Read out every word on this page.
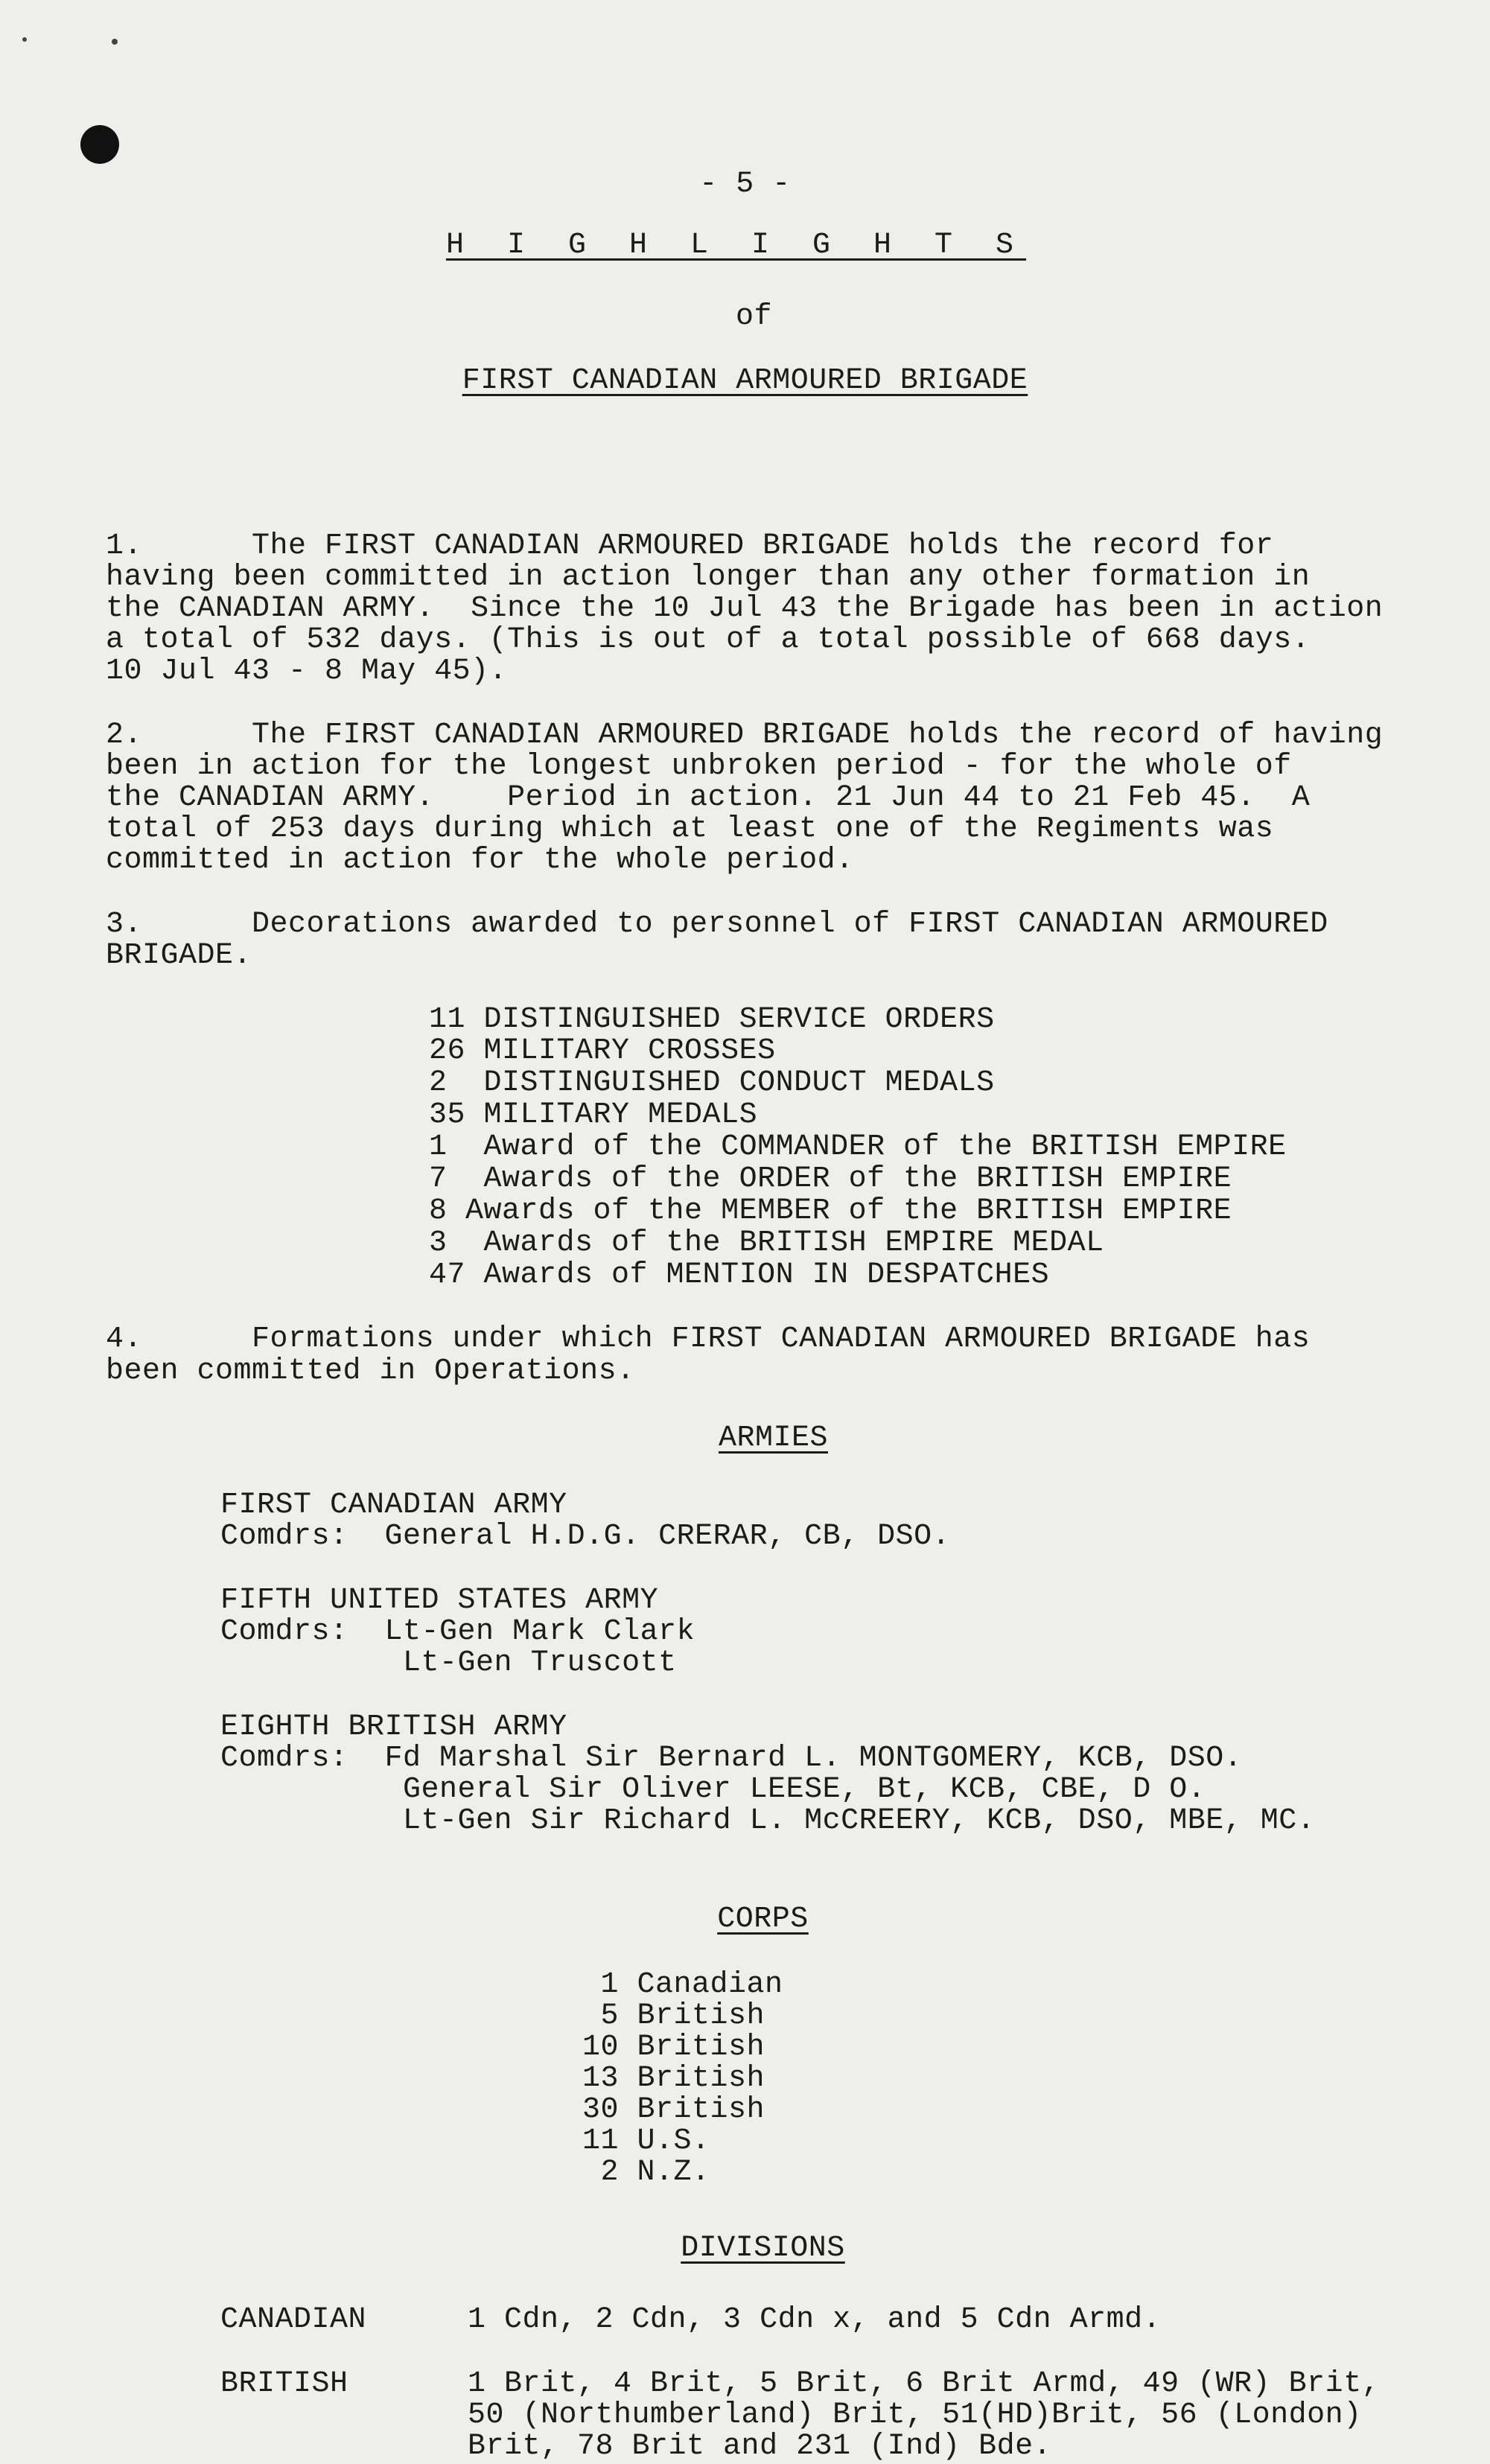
- 5 -
H I G H L I G H T S
of
FIRST CANADIAN ARMOURED BRIGADE
1.      The FIRST CANADIAN ARMOURED BRIGADE holds the record for
having been committed in action longer than any other formation in
the CANADIAN ARMY.  Since the 10 Jul 43 the Brigade has been in action
a total of 532 days. (This is out of a total possible of 668 days.
10 Jul 43 - 8 May 45).
2.      The FIRST CANADIAN ARMOURED BRIGADE holds the record of having
been in action for the longest unbroken period - for the whole of
the CANADIAN ARMY.    Period in action. 21 Jun 44 to 21 Feb 45.  A
total of 253 days during which at least one of the Regiments was
committed in action for the whole period.
3.      Decorations awarded to personnel of FIRST CANADIAN ARMOURED
BRIGADE.
11 DISTINGUISHED SERVICE ORDERS
26 MILITARY CROSSES
2  DISTINGUISHED CONDUCT MEDALS
35 MILITARY MEDALS
1  Award of the COMMANDER of the BRITISH EMPIRE
7  Awards of the ORDER of the BRITISH EMPIRE
8 Awards of the MEMBER of the BRITISH EMPIRE
3  Awards of the BRITISH EMPIRE MEDAL
47 Awards of MENTION IN DESPATCHES
4.      Formations under which FIRST CANADIAN ARMOURED BRIGADE has
been committed in Operations.
ARMIES
FIRST CANADIAN ARMY
Comdrs:  General H.D.G. CRERAR, CB, DSO.
FIFTH UNITED STATES ARMY
Comdrs:  Lt-Gen Mark Clark
Lt-Gen Truscott
EIGHTH BRITISH ARMY
Comdrs:  Fd Marshal Sir Bernard L. MONTGOMERY, KCB, DSO.
General Sir Oliver LEESE, Bt, KCB, CBE, D O.
Lt-Gen Sir Richard L. McCREERY, KCB, DSO, MBE, MC.
CORPS
1 Canadian
5 British
10 British
13 British
30 British
11 U.S.
2 N.Z.
DIVISIONS
CANADIAN	1 Cdn, 2 Cdn, 3 Cdn x, and 5 Cdn Armd.
BRITISH	1 Brit, 4 Brit, 5 Brit, 6 Brit Armd, 49 (WR) Brit,
50 (Northumberland) Brit, 51(HD)Brit, 56 (London)
Brit, 78 Brit and 231 (Ind) Bde.
